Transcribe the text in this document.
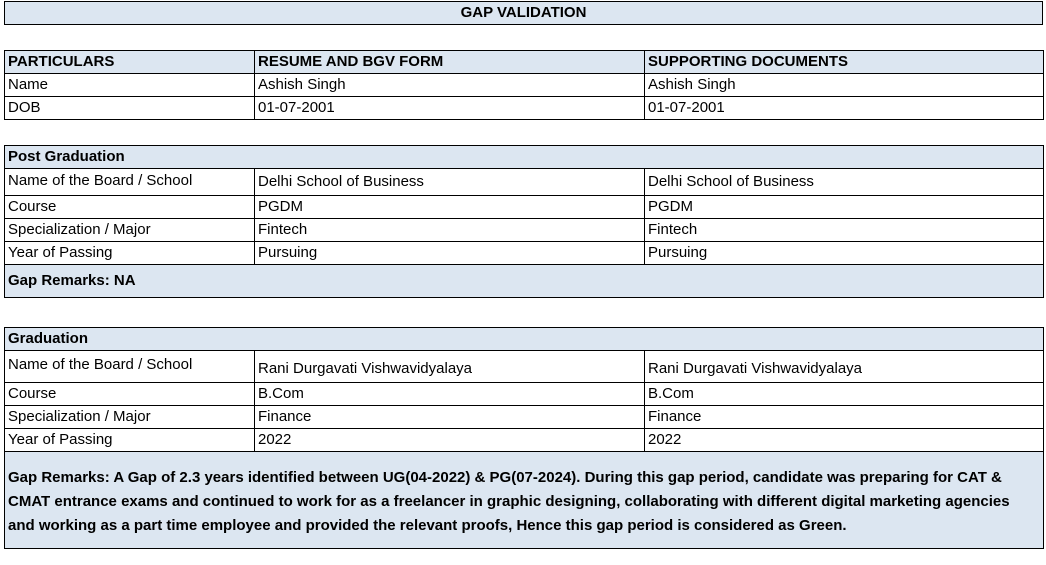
GAP VALIDATION
PARTICULARS	RESUME AND BGV FORM	SUPPORTING DOCUMENTS
Name	Ashish Singh	Ashish Singh
DOB	01-07-2001	01-07-2001
Post Graduation		
Name of the Board / School	Delhi School of Business	Delhi School of Business
Course	PGDM	PGDM
Specialization / Major	Fintech	Fintech
Year of Passing	Pursuing	Pursuing
Gap Remarks: NA		
Graduation		
Name of the Board / School	Rani Durgavati Vishwavidyalaya	Rani Durgavati Vishwavidyalaya
Course	B.Com	B.Com
Specialization / Major	Finance	Finance
Year of Passing	2022	2022
Gap Remarks: A Gap of 2.3 years identified between UG(04-2022) & PG(07-2024). During this gap period, candidate was preparing for CAT & CMAT entrance exams and continued to work for as a freelancer in graphic designing, collaborating with different digital marketing agencies and working as a part time employee and provided the relevant proofs, Hence this gap period is considered as Green.		
